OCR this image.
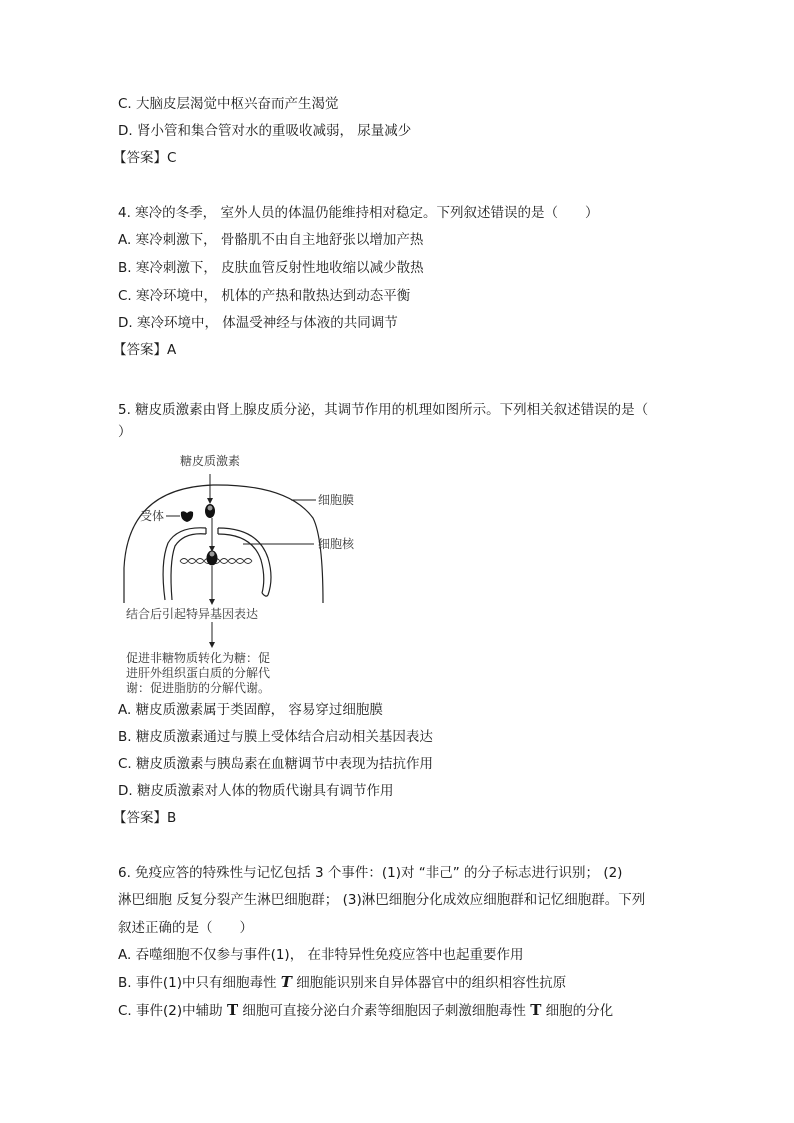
C. 大脑皮层渴觉中枢兴奋而产生渴觉
D. 肾小管和集合管对水的重吸收减弱， 尿量减少
【答案】C
4. 寒冷的冬季， 室外人员的体温仍能维持相对稳定。下列叙述错误的是（　　）
A. 寒冷刺激下， 骨骼肌不由自主地舒张以增加产热
B. 寒冷刺激下， 皮肤血管反射性地收缩以减少散热
C. 寒冷环境中， 机体的产热和散热达到动态平衡
D. 寒冷环境中， 体温受神经与体液的共同调节
【答案】A
5. 糖皮质激素由肾上腺皮质分泌，其调节作用的机理如图所示。下列相关叙述错误的是（
）
糖皮质激素
细胞膜
受体
细胞核
结合后引起特异基因表达
促进非糖物质转化为糖：促
进肝外组织蛋白质的分解代
谢：促进脂肪的分解代谢。
A. 糖皮质激素属于类固醇， 容易穿过细胞膜
B. 糖皮质激素通过与膜上受体结合启动相关基因表达
C. 糖皮质激素与胰岛素在血糖调节中表现为拮抗作用
D. 糖皮质激素对人体的物质代谢具有调节作用
【答案】B
6. 免疫应答的特殊性与记忆包括 3 个事件：(1)对 “非己” 的分子标志进行识别； (2)
淋巴细胞 反复分裂产生淋巴细胞群； (3)淋巴细胞分化成效应细胞群和记忆细胞群。下列
叙述正确的是（　　）
A. 吞噬细胞不仅参与事件(1)， 在非特异性免疫应答中也起重要作用
B. 事件(1)中只有细胞毒性 T 细胞能识别来自异体器官中的组织相容性抗原
C. 事件(2)中辅助 T 细胞可直接分泌白介素等细胞因子刺激细胞毒性 T 细胞的分化
